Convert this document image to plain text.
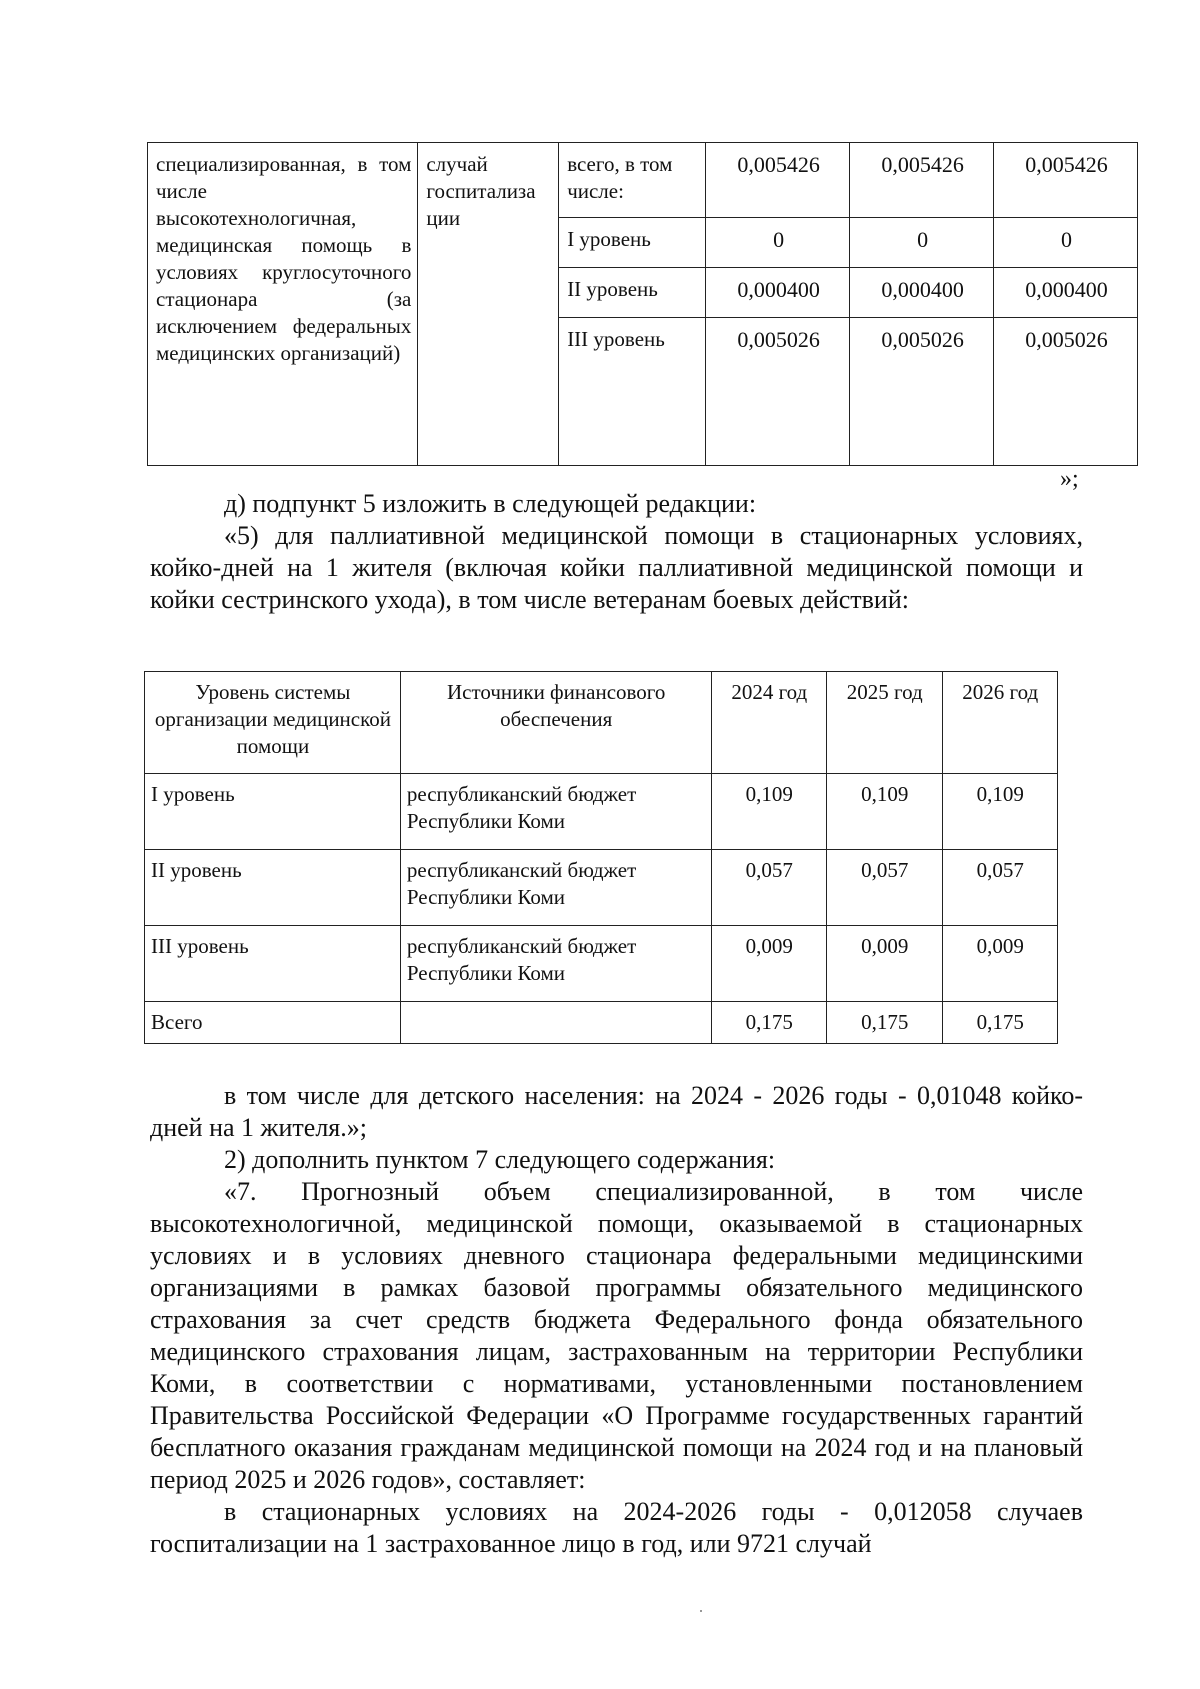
специализированная, в том числе высокотехнологичная, медицинская помощь в условиях круглосуточного стационара (за исключением федеральных медицинских организаций)	случай госпитализа ции	всего, в том числе:	0,005426	0,005426	0,005426
		I уровень	0	0	0
		II уровень	0,000400	0,000400	0,000400
		III уровень	0,005026	0,005026	0,005026
»;
д) подпункт 5 изложить в следующей редакции:
«5) для паллиативной медицинской помощи в стационарных условиях, койко-дней на 1 жителя (включая койки паллиативной медицинской помощи и койки сестринского ухода), в том числе ветеранам боевых действий:
Уровень системы организации медицинской помощи	Источники финансового обеспечения	2024 год	2025 год	2026 год
I уровень	республиканский бюджет Республики Коми	0,109	0,109	0,109
II уровень	республиканский бюджет Республики Коми	0,057	0,057	0,057
III уровень	республиканский бюджет Республики Коми	0,009	0,009	0,009
Всего		0,175	0,175	0,175
в том числе для детского населения: на 2024 - 2026 годы - 0,01048 койко-дней на 1 жителя.»;
2) дополнить пунктом 7 следующего содержания:
«7. Прогнозный объем специализированной, в том числе высокотехнологичной, медицинской помощи, оказываемой в стационарных условиях и в условиях дневного стационара федеральными медицинскими организациями в рамках базовой программы обязательного медицинского страхования за счет средств бюджета Федерального фонда обязательного медицинского страхования лицам, застрахованным на территории Республики Коми, в соответствии с нормативами, установленными постановлением Правительства Российской Федерации «О Программе государственных гарантий бесплатного оказания гражданам медицинской помощи на 2024 год и на плановый период 2025 и 2026 годов», составляет:
в стационарных условиях на 2024-2026 годы - 0,012058 случаев госпитализации на 1 застрахованное лицо в год, или 9721 случай
